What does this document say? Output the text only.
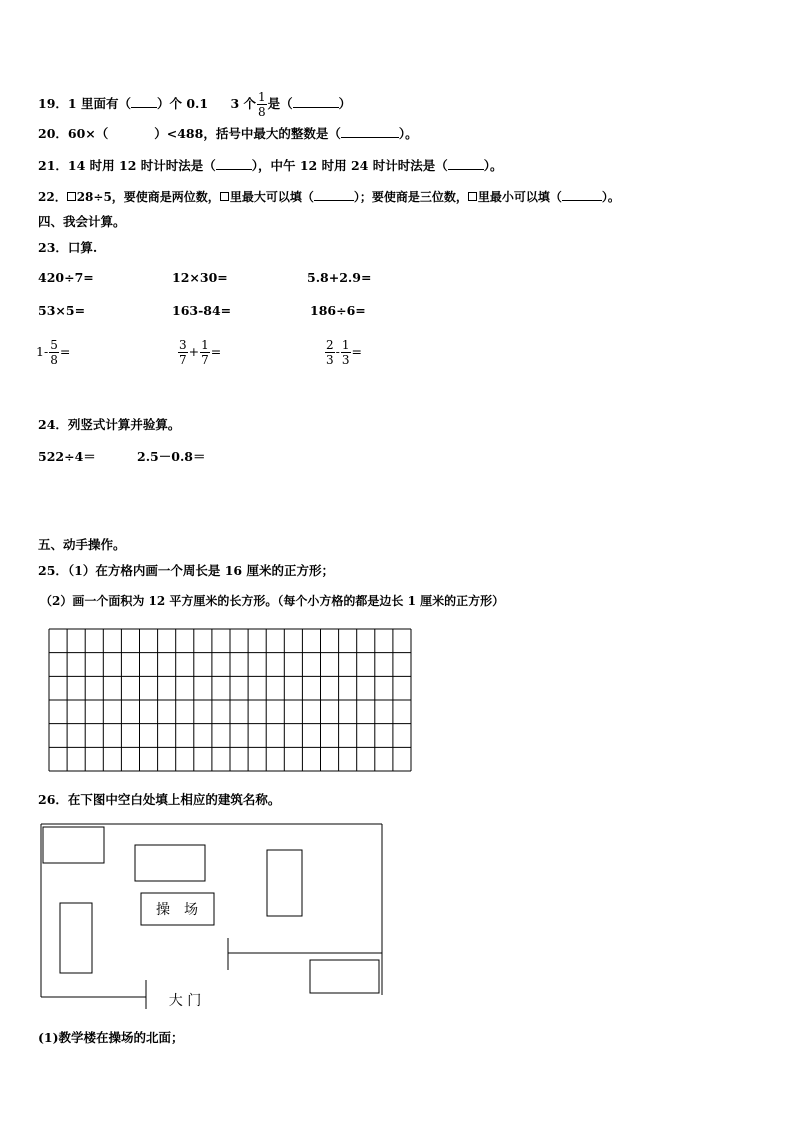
19．1 里面有（ ）个 0.1 3 个 $\frac{1}{8}$ 是（	）
20．60×（	）<488，括号中最大的整数是（	）。
21．14 时用 12 时计时法是（	），中午 12 时用 24 时计时法是（	）。
22． 28÷5，要使商是两位数， 里最大可以填（	）；要使商是三位数， 里最小可以填（	）。
四、我会计算。
23．口算.
420÷7=	12×30=	5.8+2.9=
53×5=	163-84=	186÷6=
$1- \frac{5}{8}$ =	$\frac{3}{7} + \frac{1}{7}$ =	$\frac{2}{3} - \frac{1}{3}$ =
24．列竖式计算并验算。
522÷4＝	2.5－0.8＝
五、动手操作。
25．（1）在方格内画一个周长是 16 厘米的正方形；
（2）画一个面积为 12 平方厘米的长方形。（每个小方格的都是边长 1 厘米的正方形）
26．在下图中空白处填上相应的建筑名称。
操　场
大 门
(1)教学楼在操场的北面；
